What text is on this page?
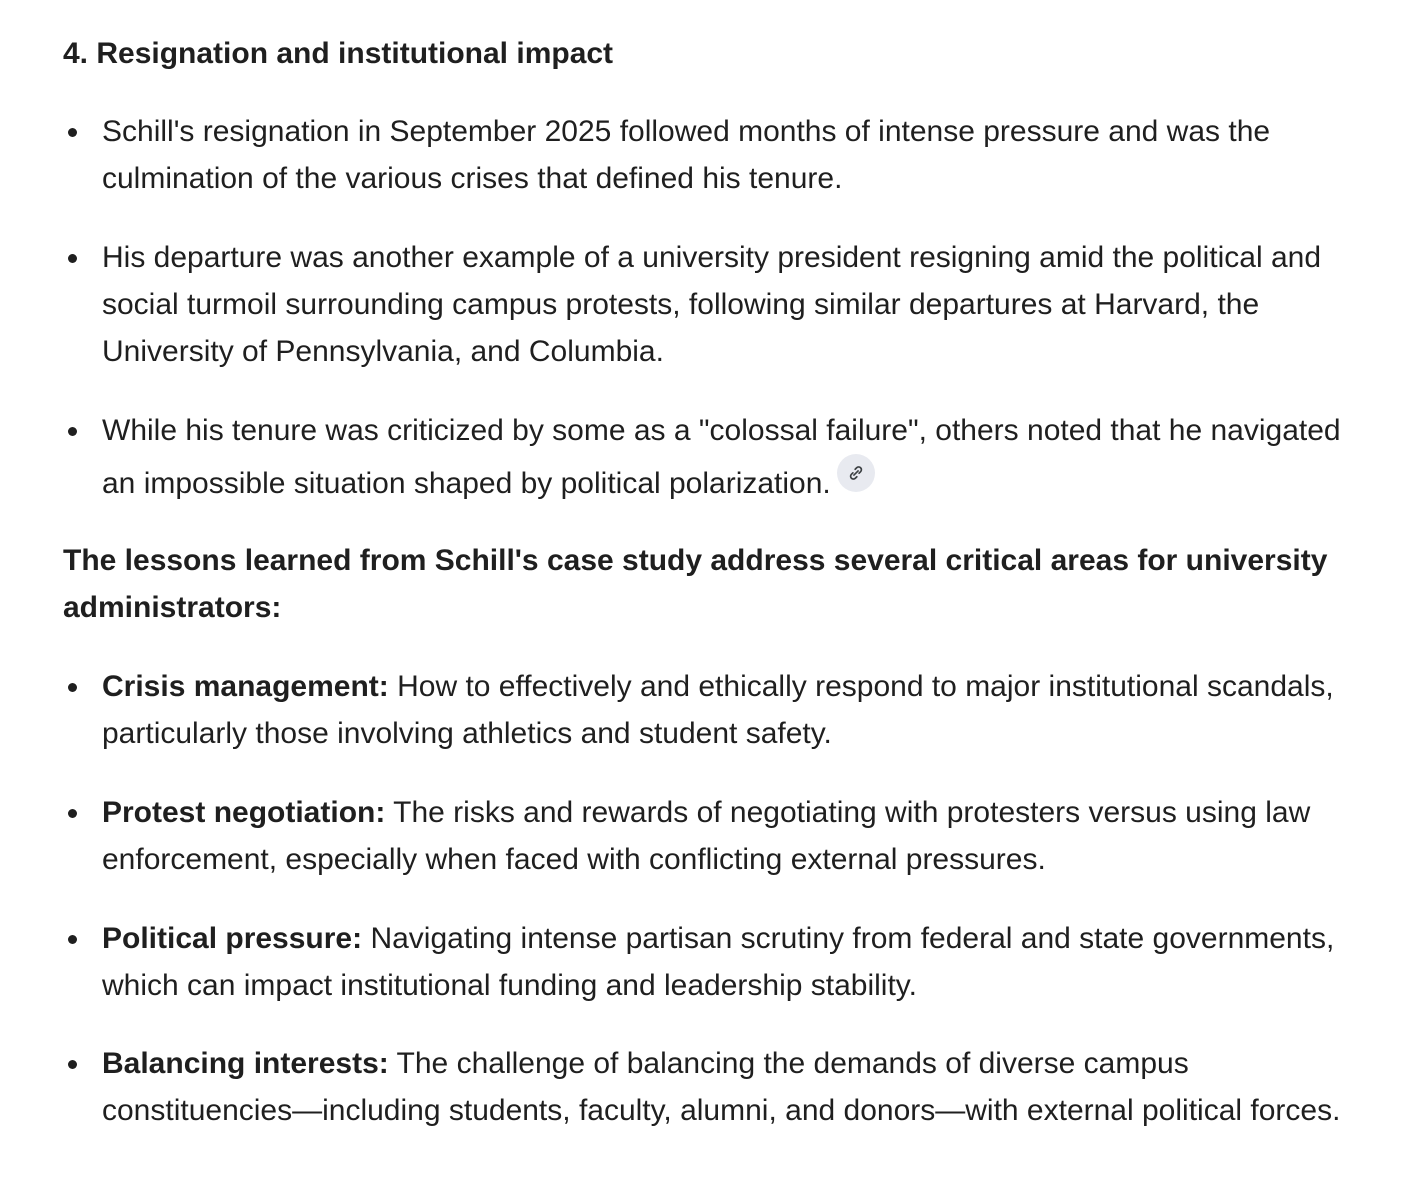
4. Resignation and institutional impact
Schill's resignation in September 2025 followed months of intense pressure and was the culmination of the various crises that defined his tenure.
His departure was another example of a university president resigning amid the political and social turmoil surrounding campus protests, following similar departures at Harvard, the University of Pennsylvania, and Columbia.
While his tenure was criticized by some as a "colossal failure", others noted that he navigated an impossible situation shaped by political polarization.

The lessons learned from Schill's case study address several critical areas for university administrators:

Crisis management: How to effectively and ethically respond to major institutional scandals, particularly those involving athletics and student safety.
Protest negotiation: The risks and rewards of negotiating with protesters versus using law enforcement, especially when faced with conflicting external pressures.
Political pressure: Navigating intense partisan scrutiny from federal and state governments, which can impact institutional funding and leadership stability.
Balancing interests: The challenge of balancing the demands of diverse campus constituencies—including students, faculty, alumni, and donors—with external political forces.
